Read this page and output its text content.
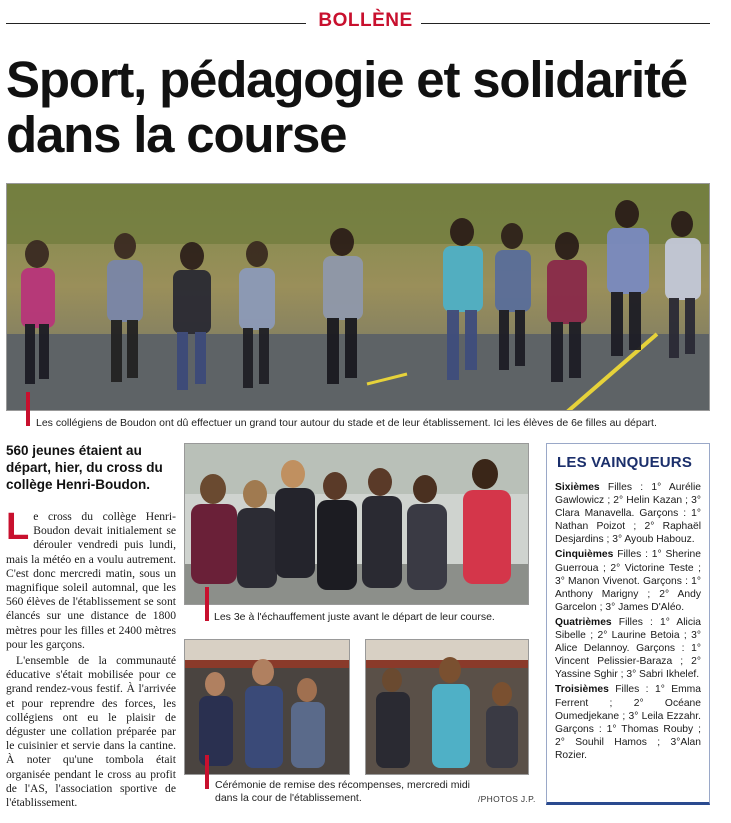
BOLLÈNE
Sport, pédagogie et solidarité dans la course
Les collégiens de Boudon ont dû effectuer un grand tour autour du stade et de leur établissement. Ici les élèves de 6e filles au départ.
560 jeunes étaient au départ, hier, du cross du collège Henri-Boudon.
Le cross du collège Henri-Boudon devait initialement se dérouler vendredi puis lundi, mais la météo en a voulu autrement. C'est donc mercredi matin, sous un magnifique soleil automnal, que les 560 élèves de l'établissement se sont élancés sur une distance de 1800 mètres pour les filles et 2400 mètres pour les garçons.
L'ensemble de la communauté éducative s'était mobilisée pour ce grand rendez-vous festif. À l'arrivée et pour reprendre des forces, les collégiens ont eu le plaisir de déguster une collation préparée par le cuisinier et servie dans la cantine. À noter qu'une tombola était organisée pendant le cross au profit de l'AS, l'association sportive de l'établissement.
Les 3e à l'échauffement juste avant le départ de leur course.
Cérémonie de remise des récompenses, mercredi midi dans la cour de l'établissement.	/PHOTOS J.P.
LES VAINQUEURS
Sixièmes Filles : 1° Aurélie Gawlowicz ; 2° Helin Kazan ; 3° Clara Manavella. Garçons : 1° Nathan Poizot ; 2° Raphaël Desjardins ; 3° Ayoub Habouz.
Cinquièmes Filles : 1° Sherine Guerroua ; 2° Victorine Teste ; 3° Manon Vivenot. Garçons : 1° Anthony Marigny ; 2° Andy Garcelon ; 3° James D'Aléo.
Quatrièmes Filles : 1° Alicia Sibelle ; 2° Laurine Betoia ; 3° Alice Delannoy. Garçons : 1° Vincent Pelissier-Baraza ; 2° Yassine Sghir ; 3° Sabri Ikhelef.
Troisièmes Filles : 1° Emma Ferrent ; 2° Océane Oumedjekane ; 3° Leila Ezzahr. Garçons : 1° Thomas Rouby ; 2° Souhil Hamos ; 3°Alan Rozier.
